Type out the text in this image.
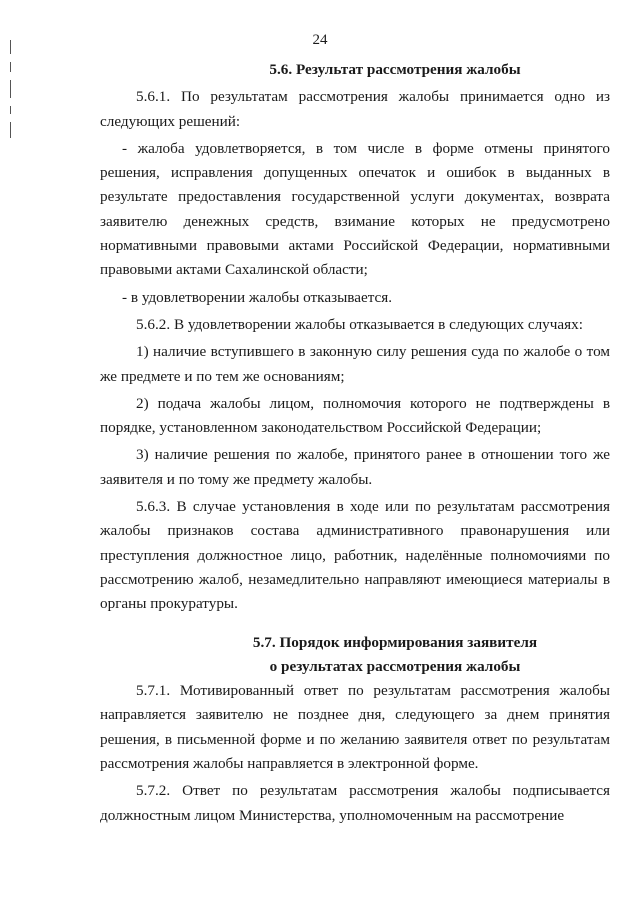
24
5.6. Результат рассмотрения жалобы

5.6.1. По результатам рассмотрения жалобы принимается одно из следующих решений:

- жалоба удовлетворяется, в том числе в форме отмены принятого решения, исправления допущенных опечаток и ошибок в выданных в результате предоставления государственной услуги документах, возврата заявителю денежных средств, взимание которых не предусмотрено нормативными правовыми актами Российской Федерации, нормативными правовыми актами Сахалинской области;

- в удовлетворении жалобы отказывается.

5.6.2. В удовлетворении жалобы отказывается в следующих случаях:

1) наличие вступившего в законную силу решения суда по жалобе о том же предмете и по тем же основаниям;

2) подача жалобы лицом, полномочия которого не подтверждены в порядке, установленном законодательством Российской Федерации;

3) наличие решения по жалобе, принятого ранее в отношении того же заявителя и по тому же предмету жалобы.

5.6.3. В случае установления в ходе или по результатам рассмотрения жалобы признаков состава административного правонарушения или преступления должностное лицо, работник, наделённые полномочиями по рассмотрению жалоб, незамедлительно направляют имеющиеся материалы в органы прокуратуры.

5.7. Порядок информирования заявителя
о результатах рассмотрения жалобы

5.7.1. Мотивированный ответ по результатам рассмотрения жалобы направляется заявителю не позднее дня, следующего за днем принятия решения, в письменной форме и по желанию заявителя ответ по результатам рассмотрения жалобы направляется в электронной форме.

5.7.2. Ответ по результатам рассмотрения жалобы подписывается должностным лицом Министерства, уполномоченным на рассмотрение
